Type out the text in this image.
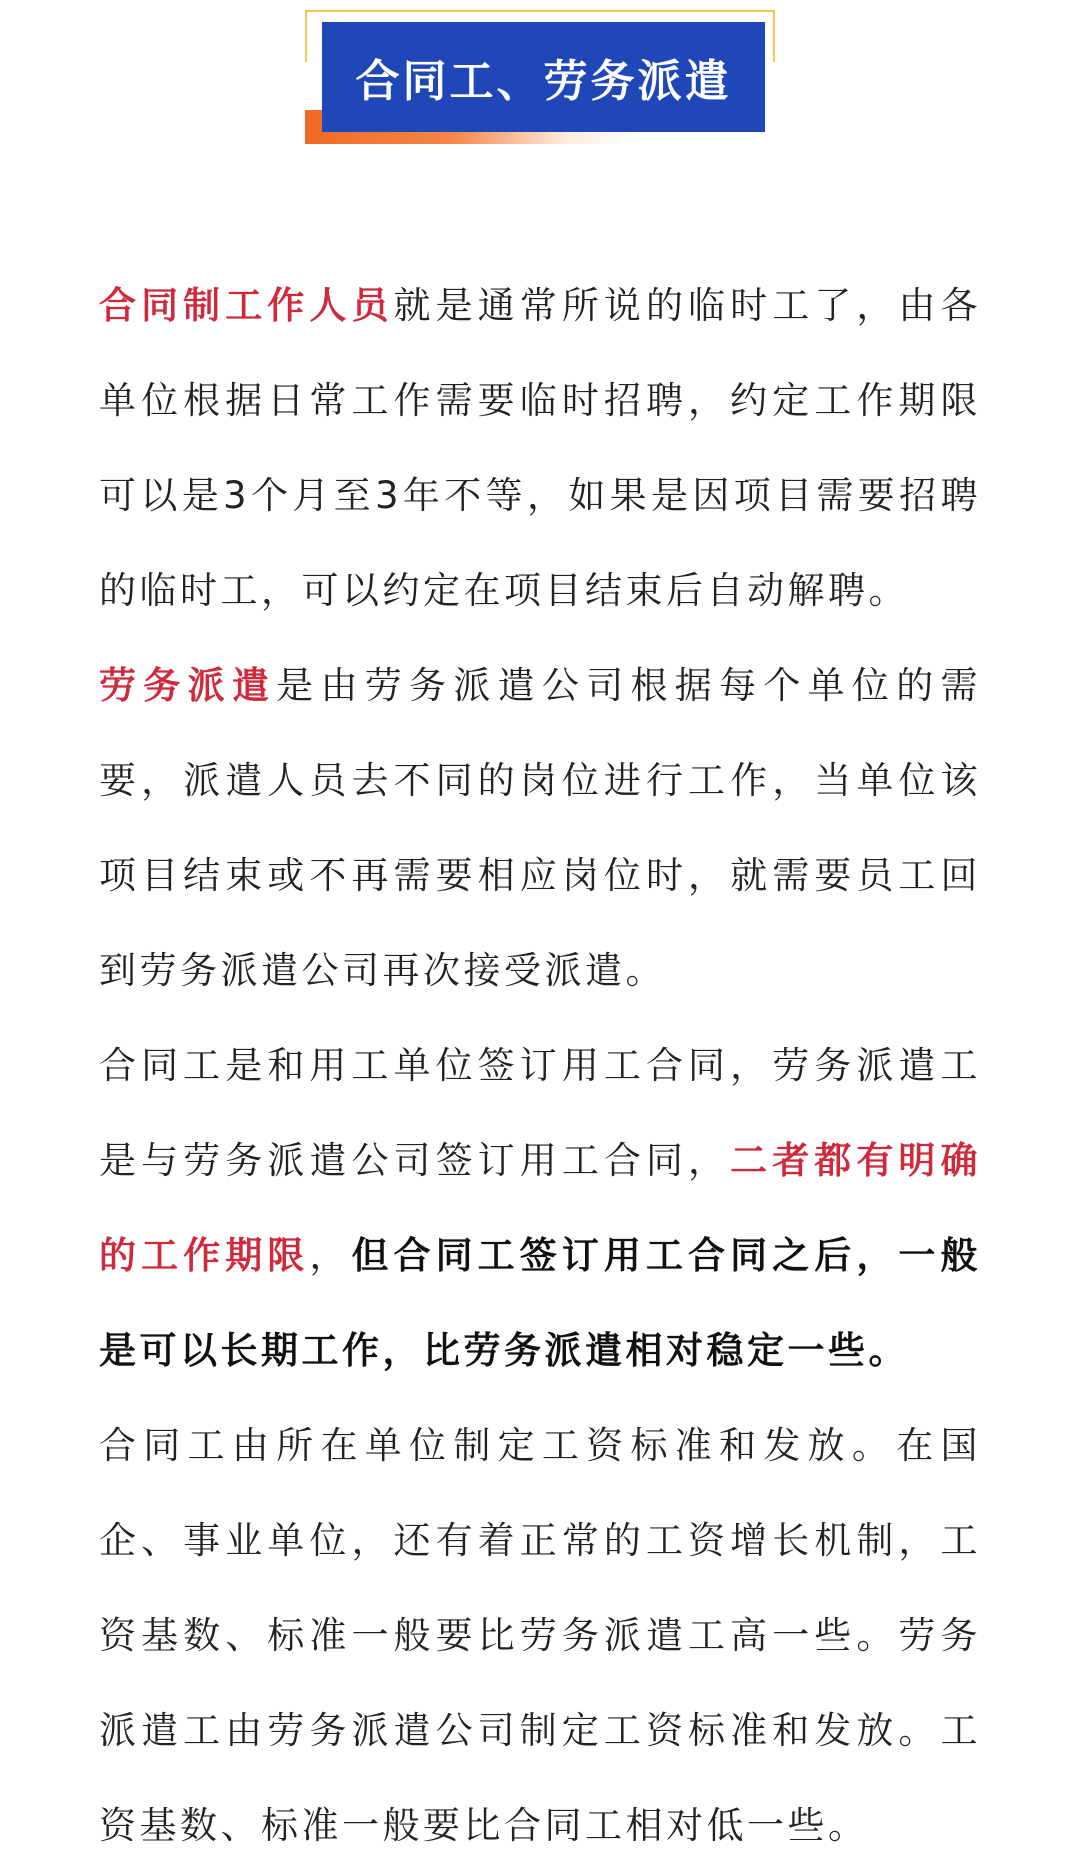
合同工、劳务派遣

合同制工作人员就是通常所说的临时工了，由各单位根据日常工作需要临时招聘，约定工作期限可以是3个月至3年不等，如果是因项目需要招聘的临时工，可以约定在项目结束后自动解聘。

劳务派遣是由劳务派遣公司根据每个单位的需要，派遣人员去不同的岗位进行工作，当单位该项目结束或不再需要相应岗位时，就需要员工回到劳务派遣公司再次接受派遣。

合同工是和用工单位签订用工合同，劳务派遣工是与劳务派遣公司签订用工合同，二者都有明确的工作期限，但合同工签订用工合同之后，一般是可以长期工作，比劳务派遣相对稳定一些。

合同工由所在单位制定工资标准和发放。在国企、事业单位，还有着正常的工资增长机制，工资基数、标准一般要比劳务派遣工高一些。劳务派遣工由劳务派遣公司制定工资标准和发放。工资基数、标准一般要比合同工相对低一些。
